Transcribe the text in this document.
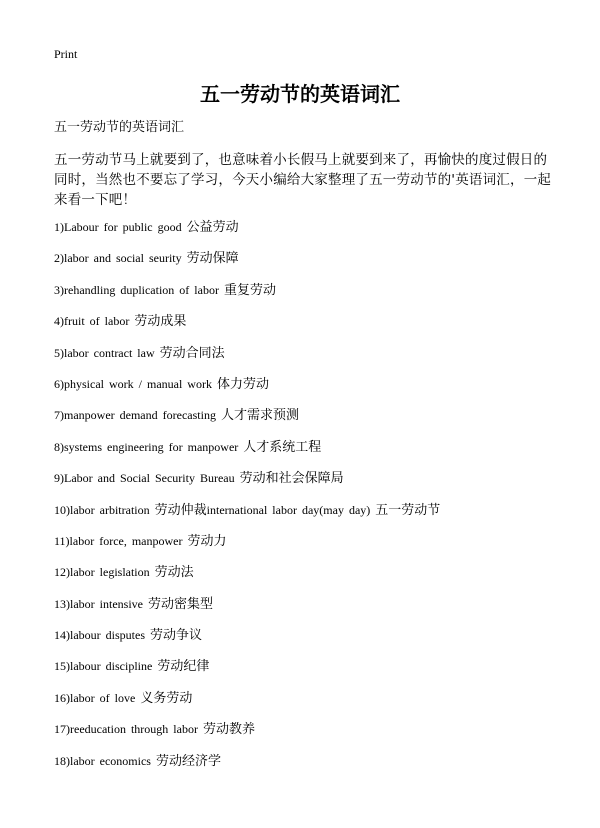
Print
五一劳动节的英语词汇
五一劳动节的英语词汇

五一劳动节马上就要到了，也意味着小长假马上就要到来了，再愉快的度过假日的同时，当然也不要忘了学习，今天小编给大家整理了五一劳动节的'英语词汇，一起来看一下吧！

1)Labour for public good 公益劳动
2)labor and social seurity 劳动保障
3)rehandling duplication of labor 重复劳动
4)fruit of labor 劳动成果
5)labor contract law 劳动合同法
6)physical work / manual work 体力劳动
7)manpower demand forecasting 人才需求预测
8)systems engineering for manpower 人才系统工程
9)Labor and Social Security Bureau 劳动和社会保障局
10)labor arbitration 劳动仲裁international labor day(may day) 五一劳动节
11)labor force, manpower 劳动力
12)labor legislation 劳动法
13)labor intensive 劳动密集型
14)labour disputes 劳动争议
15)labour discipline 劳动纪律
16)labor of love 义务劳动
17)reeducation through labor 劳动教养
18)labor economics 劳动经济学
